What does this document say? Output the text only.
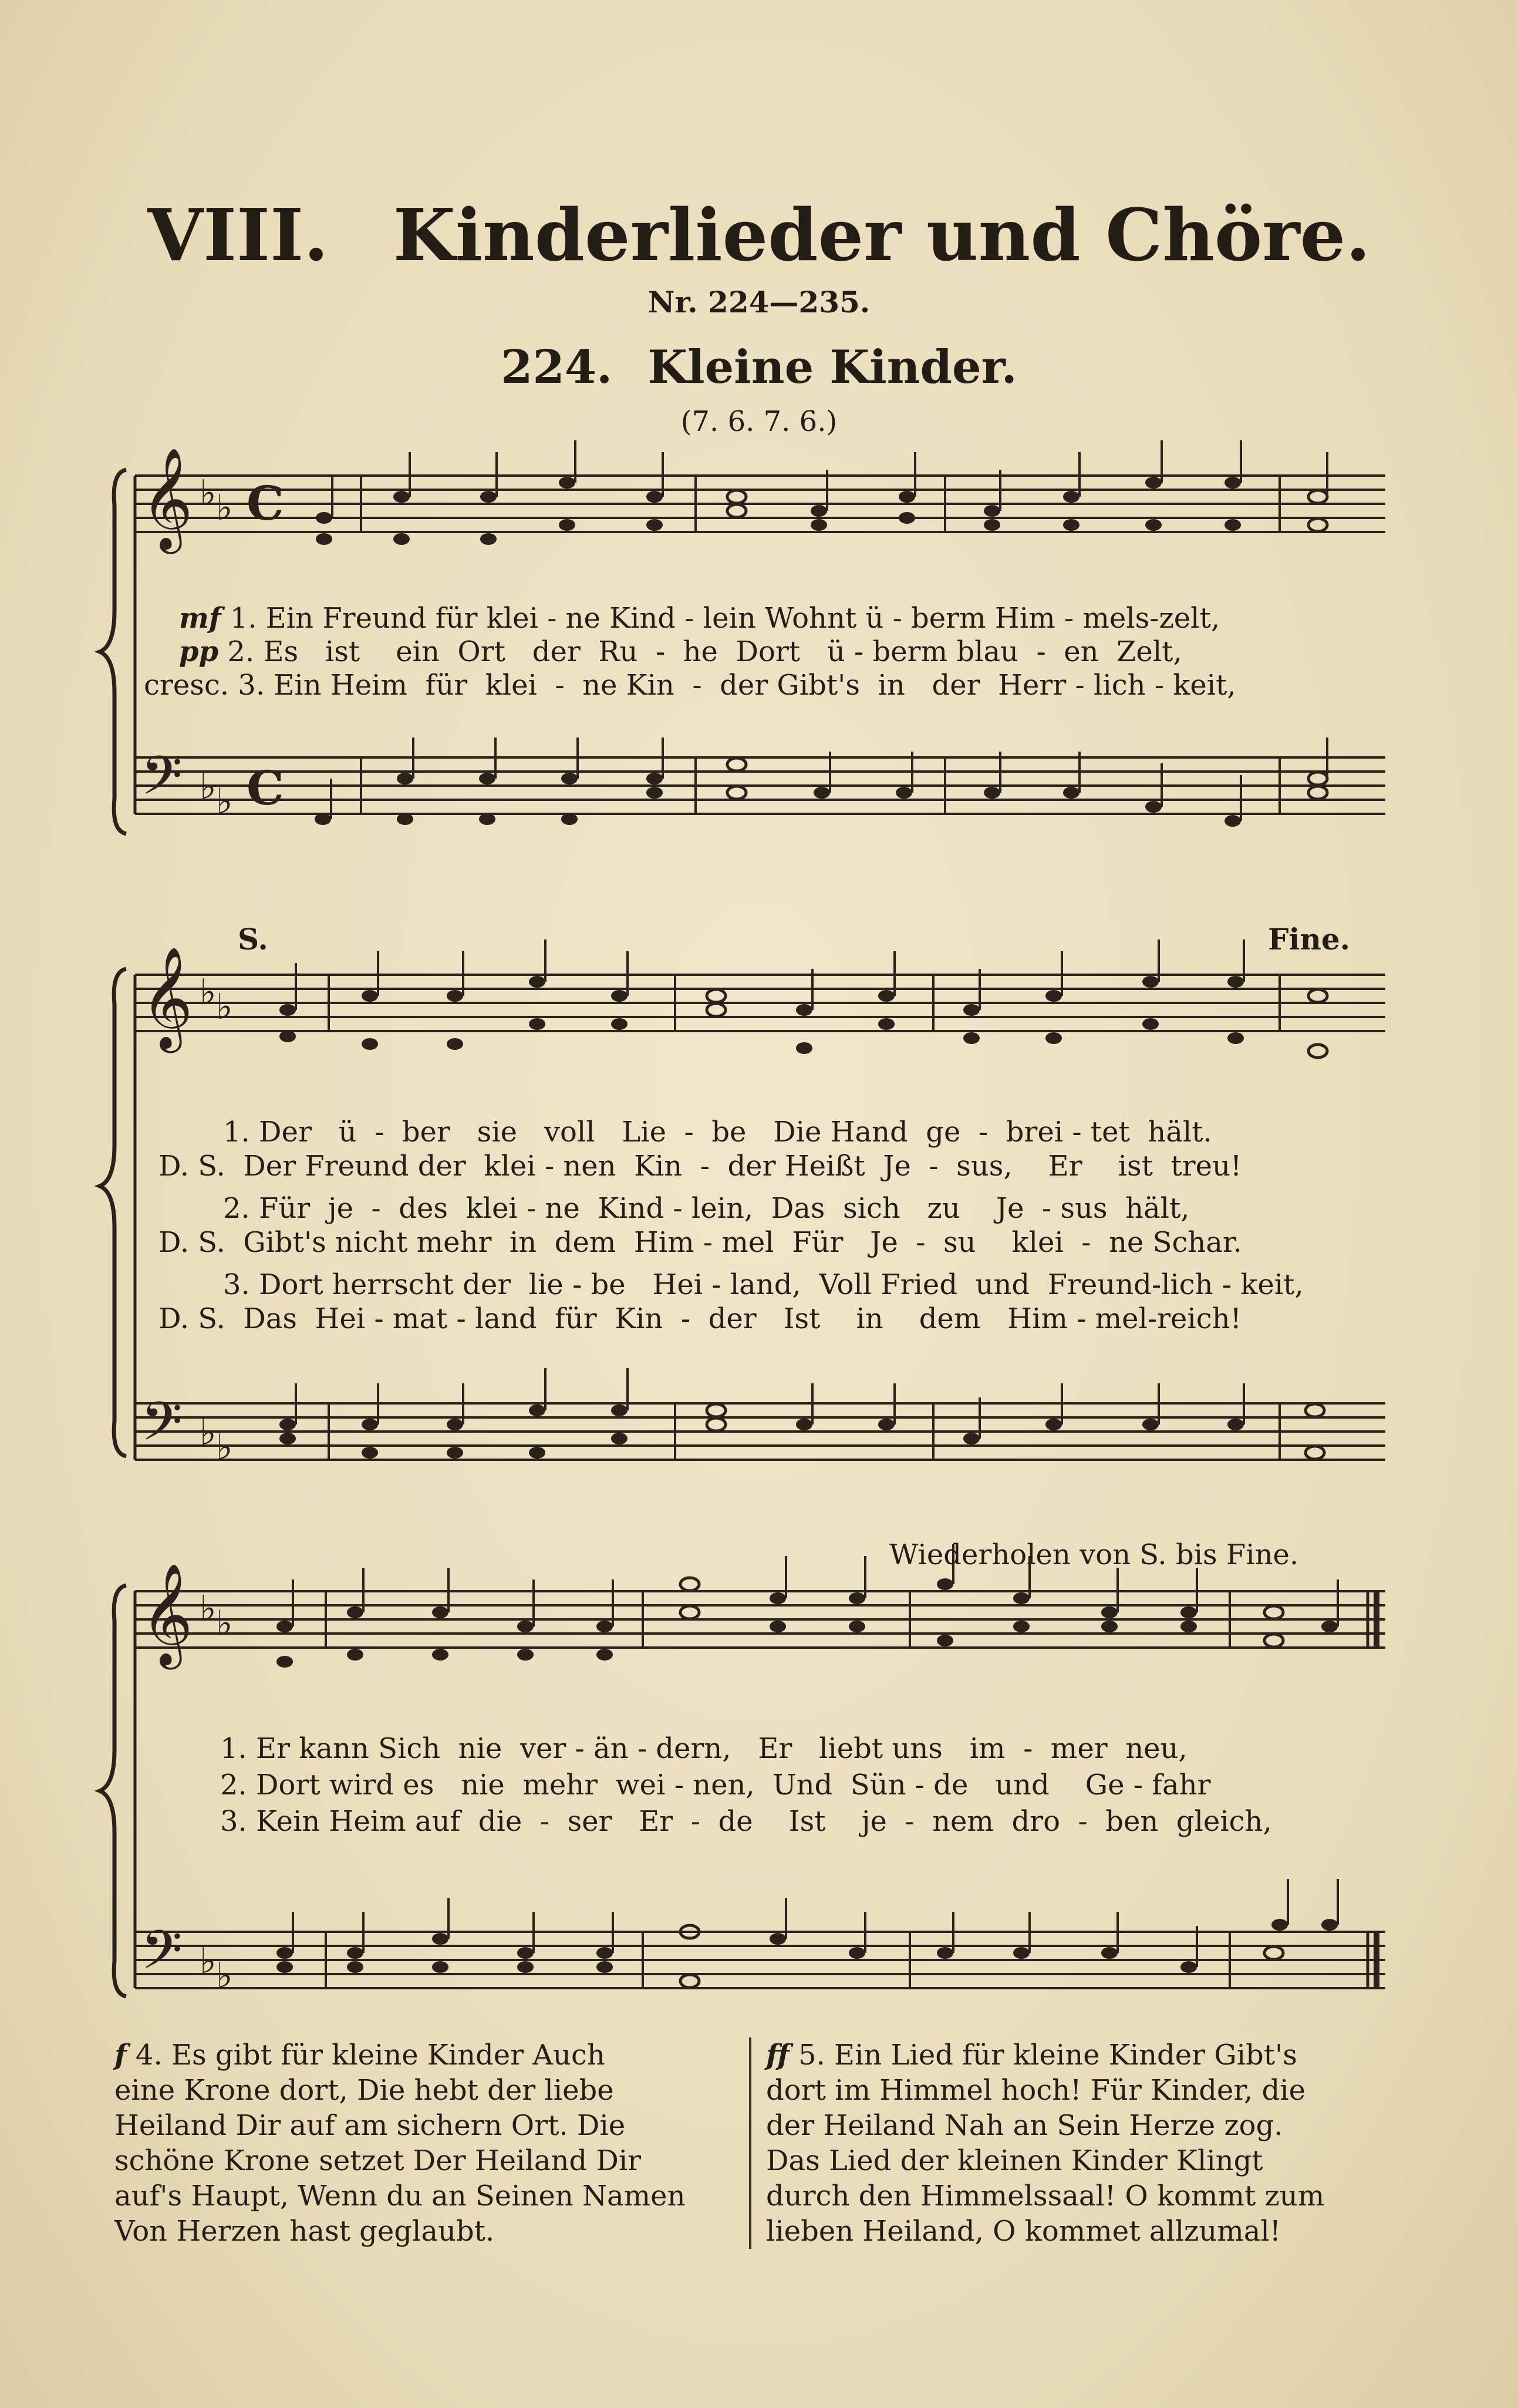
VIII. Kinderlieder und Chöre.
Nr. 224—235.
224. Kleine Kinder.
(7. 6. 7. 6.)
𝄞 ♭ ♭ C
𝄢 ♭ ♭ C
𝄞 ♭ ♭
𝄢 ♭ ♭
𝄞 ♭ ♭
𝄢 ♭ ♭
mf 1. Ein Freund für klei - ne Kind - lein Wohnt ü - berm Him - mels-zelt,
pp 2. Es   ist    ein  Ort   der  Ru  -  he  Dort   ü - berm blau  -  en  Zelt,
cresc. 3. Ein Heim  für  klei  -  ne Kin  -  der Gibt's  in   der  Herr - lich - keit,
S.	Fine.
1. Der   ü  -  ber   sie   voll   Lie  -  be   Die Hand  ge  -  brei - tet  hält.
D. S.  Der Freund der  klei - nen  Kin  -  der Heißt  Je  -  sus,    Er    ist  treu!
2. Für  je  -  des  klei - ne  Kind - lein,  Das  sich   zu    Je  - sus  hält,
D. S.  Gibt's nicht mehr  in  dem  Him - mel  Für   Je  -  su    klei  -  ne Schar.
3. Dort herrscht der  lie - be   Hei - land,  Voll Fried  und  Freund-lich - keit,
D. S.  Das  Hei - mat - land  für  Kin  -  der   Ist    in    dem   Him - mel-reich!
Wiederholen von S. bis Fine.
1. Er kann Sich  nie  ver - än - dern,   Er   liebt uns   im  -  mer  neu,
2. Dort wird es   nie  mehr  wei - nen,  Und  Sün - de   und    Ge - fahr
3. Kein Heim auf  die  -  ser   Er  -  de    Ist    je  -  nem  dro  -  ben  gleich,
f 4. Es gibt für kleine Kinder Auch
eine Krone dort, Die hebt der liebe
Heiland Dir auf am sichern Ort. Die
schöne Krone setzet Der Heiland Dir
auf's Haupt, Wenn du an Seinen Namen
Von Herzen hast geglaubt.
ff 5. Ein Lied für kleine Kinder Gibt's
dort im Himmel hoch! Für Kinder, die
der Heiland Nah an Sein Herze zog.
Das Lied der kleinen Kinder Klingt
durch den Himmelssaal! O kommt zum
lieben Heiland, O kommet allzumal!
